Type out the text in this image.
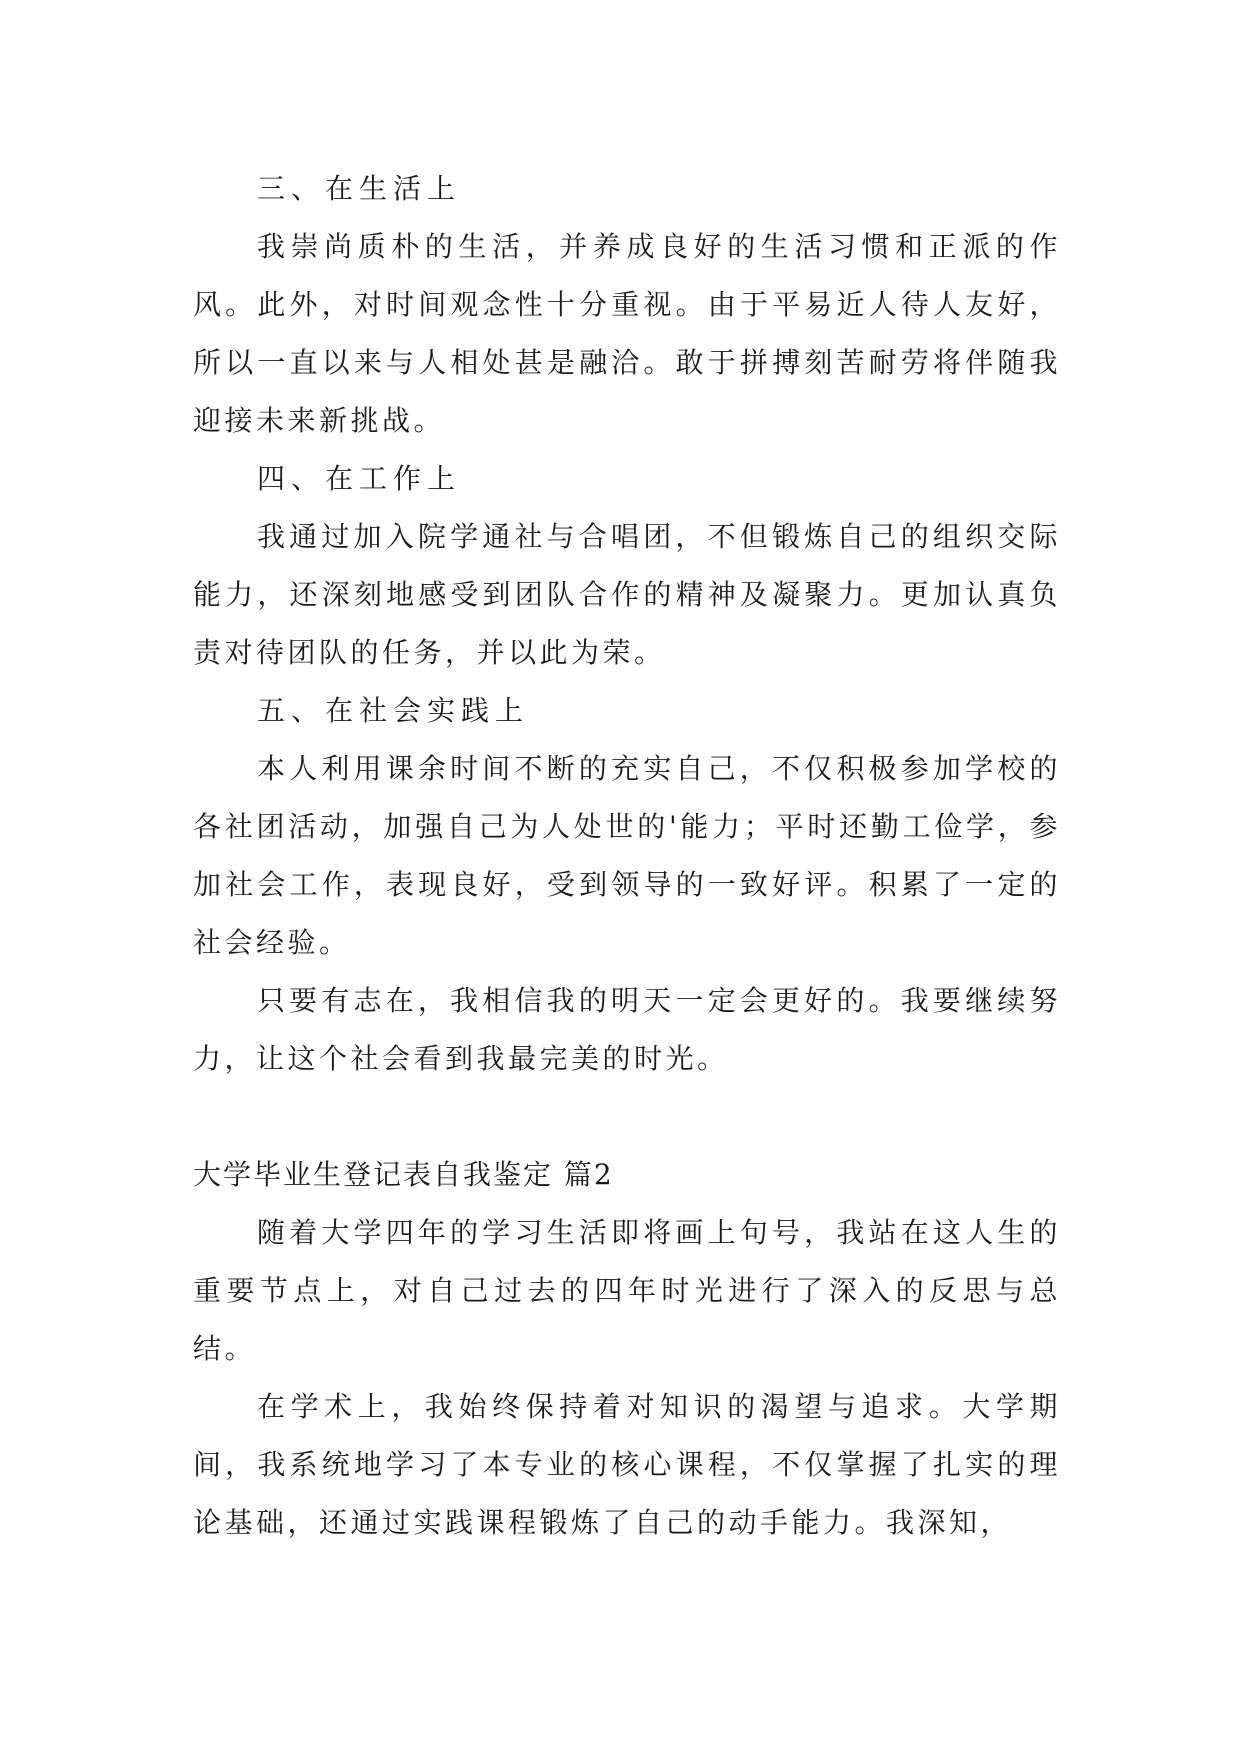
三、在生活上

我崇尚质朴的生活，并养成良好的生活习惯和正派的作风。此外，对时间观念性十分重视。由于平易近人待人友好，所以一直以来与人相处甚是融洽。敢于拼搏刻苦耐劳将伴随我迎接未来新挑战。

四、在工作上

我通过加入院学通社与合唱团，不但锻炼自己的组织交际能力，还深刻地感受到团队合作的精神及凝聚力。更加认真负责对待团队的任务，并以此为荣。

五、在社会实践上

本人利用课余时间不断的充实自己，不仅积极参加学校的各社团活动，加强自己为人处世的'能力；平时还勤工俭学，参加社会工作，表现良好，受到领导的一致好评。积累了一定的社会经验。

只要有志在，我相信我的明天一定会更好的。我要继续努力，让这个社会看到我最完美的时光。

大学毕业生登记表自我鉴定 篇2

随着大学四年的学习生活即将画上句号，我站在这人生的重要节点上，对自己过去的四年时光进行了深入的反思与总结。

在学术上，我始终保持着对知识的渴望与追求。大学期间，我系统地学习了本专业的核心课程，不仅掌握了扎实的理论基础，还通过实践课程锻炼了自己的动手能力。我深知，
